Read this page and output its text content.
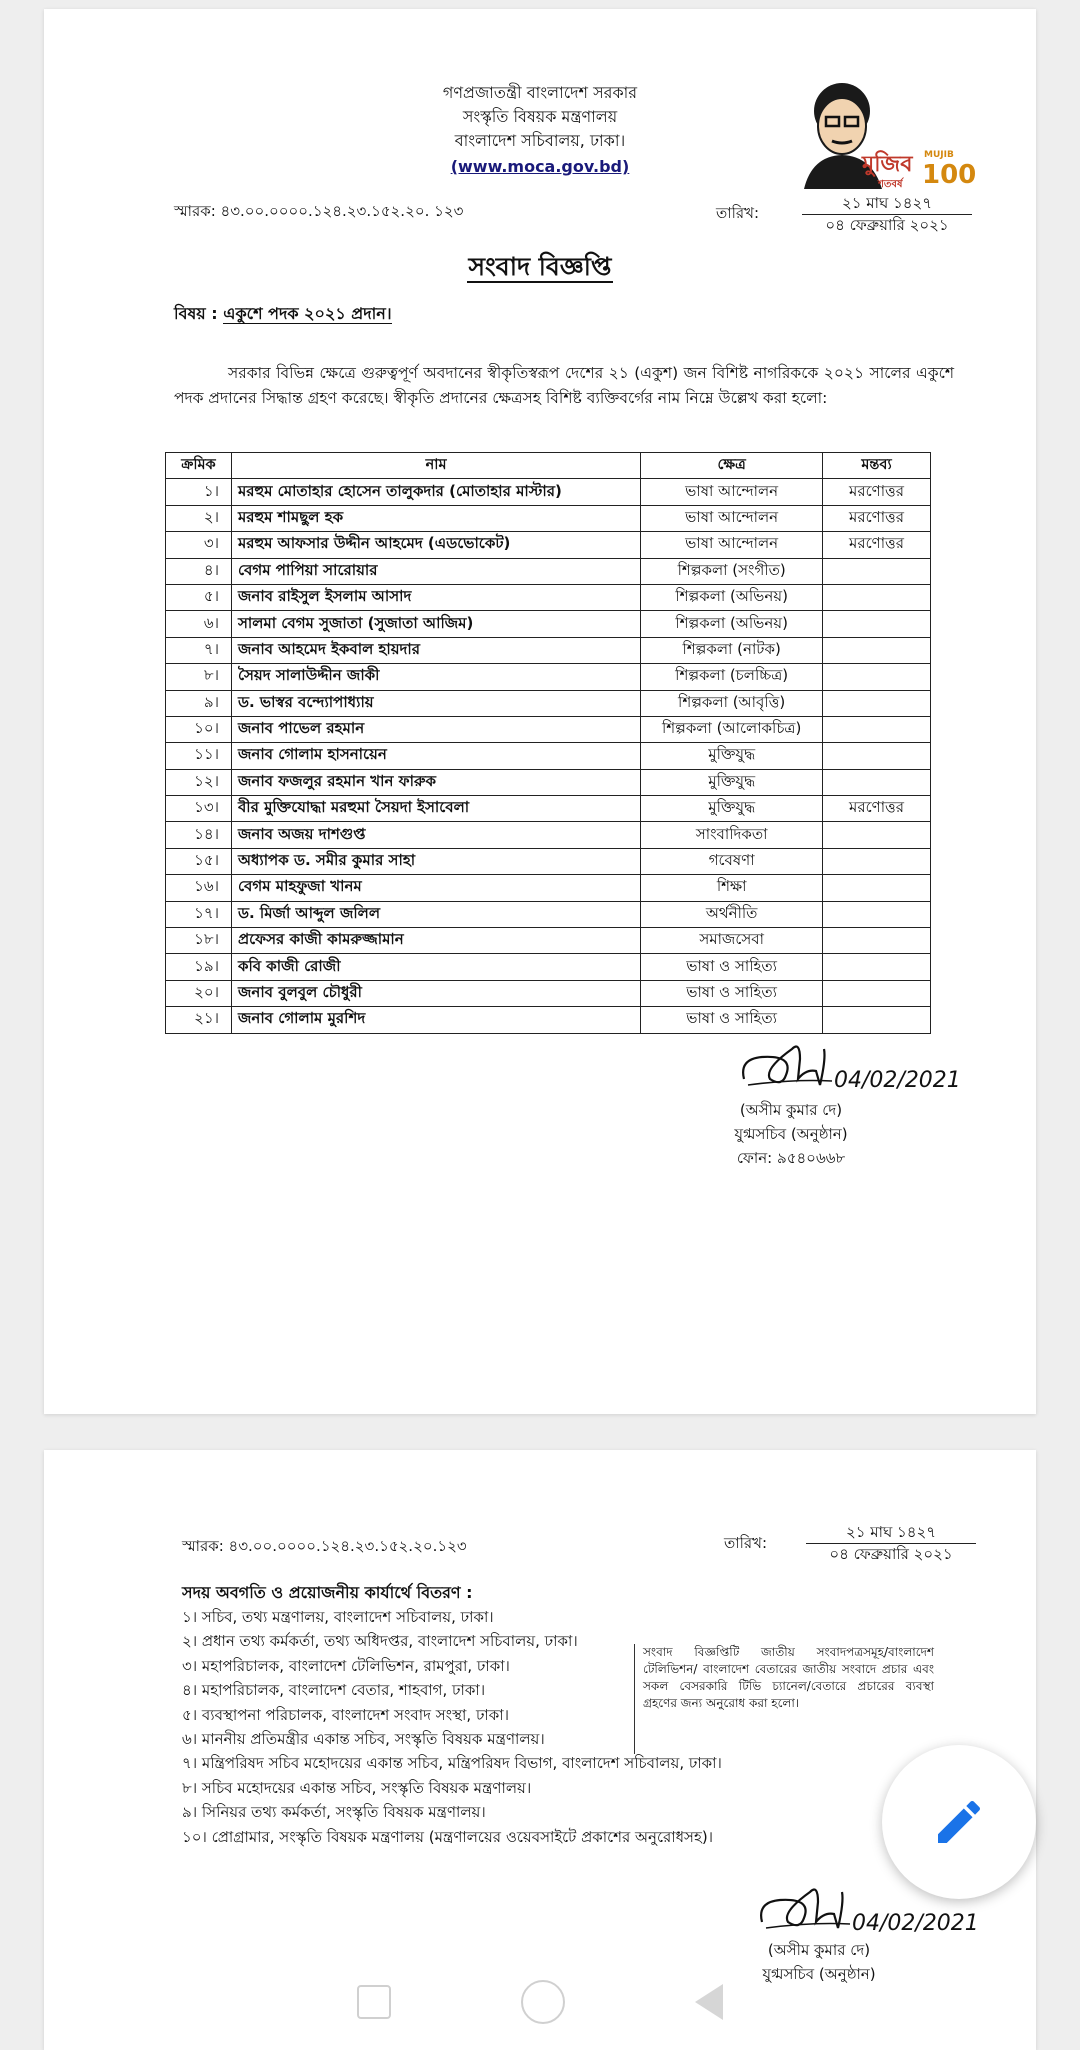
গণপ্রজাতন্ত্রী বাংলাদেশ সরকার
সংস্কৃতি বিষয়ক মন্ত্রণালয়
বাংলাদেশ সচিবালয়, ঢাকা।
(www.moca.gov.bd)	মুজিব
শতবর্ষ
MUJIB
100
স্মারক: ৪৩.০০.০০০০.১২৪.২৩.১৫২.২০. ১২৩	তারিখ:
২১ মাঘ ১৪২৭
০৪ ফেব্রুয়ারি ২০২১
সংবাদ বিজ্ঞপ্তি
বিষয় : একুশে পদক ২০২১ প্রদান।
সরকার বিভিন্ন ক্ষেত্রে গুরুত্বপূর্ণ অবদানের স্বীকৃতিস্বরূপ দেশের ২১ (একুশ) জন বিশিষ্ট নাগরিককে ২০২১ সালের একুশে পদক প্রদানের সিদ্ধান্ত গ্রহণ করেছে। স্বীকৃতি প্রদানের ক্ষেত্রসহ বিশিষ্ট ব্যক্তিবর্গের নাম নিম্নে উল্লেখ করা হলো:
ক্রমিক	নাম	ক্ষেত্র	মন্তব্য
১।	মরহুম মোতাহার হোসেন তালুকদার (মোতাহার মাস্টার)	ভাষা আন্দোলন	মরণোত্তর
২।	মরহুম শামছুল হক	ভাষা আন্দোলন	মরণোত্তর
৩।	মরহুম আফসার উদ্দীন আহমেদ (এডভোকেট)	ভাষা আন্দোলন	মরণোত্তর
৪।	বেগম পাপিয়া সারোয়ার	শিল্পকলা (সংগীত)	
৫।	জনাব রাইসুল ইসলাম আসাদ	শিল্পকলা (অভিনয়)	
৬।	সালমা বেগম সুজাতা (সুজাতা আজিম)	শিল্পকলা (অভিনয়)	
৭।	জনাব আহমেদ ইকবাল হায়দার	শিল্পকলা (নাটক)	
৮।	সৈয়দ সালাউদ্দীন জাকী	শিল্পকলা (চলচ্চিত্র)	
৯।	ড. ভাস্বর বন্দ্যোপাধ্যায়	শিল্পকলা (আবৃত্তি)	
১০।	জনাব পাভেল রহমান	শিল্পকলা (আলোকচিত্র)	
১১।	জনাব গোলাম হাসনায়েন	মুক্তিযুদ্ধ	
১২।	জনাব ফজলুর রহমান খান ফারুক	মুক্তিযুদ্ধ	
১৩।	বীর মুক্তিযোদ্ধা মরহুমা সৈয়দা ইসাবেলা	মুক্তিযুদ্ধ	মরণোত্তর
১৪।	জনাব অজয় দাশগুপ্ত	সাংবাদিকতা	
১৫।	অধ্যাপক ড. সমীর কুমার সাহা	গবেষণা	
১৬।	বেগম মাহফুজা খানম	শিক্ষা	
১৭।	ড. মির্জা আব্দুল জলিল	অর্থনীতি	
১৮।	প্রফেসর কাজী কামরুজ্জামান	সমাজসেবা	
১৯।	কবি কাজী রোজী	ভাষা ও সাহিত্য	
২০।	জনাব বুলবুল চৌধুরী	ভাষা ও সাহিত্য	
২১।	জনাব গোলাম মুরশিদ	ভাষা ও সাহিত্য	
04/02/2021
(অসীম কুমার দে)
যুগ্মসচিব (অনুষ্ঠান)
ফোন: ৯৫৪০৬৬৮
স্মারক: ৪৩.০০.০০০০.১২৪.২৩.১৫২.২০.১২৩	তারিখ:
২১ মাঘ ১৪২৭
০৪ ফেব্রুয়ারি ২০২১
সদয় অবগতি ও প্রয়োজনীয় কার্যার্থে বিতরণ :
১। সচিব, তথ্য মন্ত্রণালয়, বাংলাদেশ সচিবালয়, ঢাকা।
২। প্রধান তথ্য কর্মকর্তা, তথ্য অধিদপ্তর, বাংলাদেশ সচিবালয়, ঢাকা।
৩। মহাপরিচালক, বাংলাদেশ টেলিভিশন, রামপুরা, ঢাকা।
৪। মহাপরিচালক, বাংলাদেশ বেতার, শাহবাগ, ঢাকা।
৫। ব্যবস্থাপনা পরিচালক, বাংলাদেশ সংবাদ সংস্থা, ঢাকা।
৬। মাননীয় প্রতিমন্ত্রীর একান্ত সচিব, সংস্কৃতি বিষয়ক মন্ত্রণালয়।
৭। মন্ত্রিপরিষদ সচিব মহোদয়ের একান্ত সচিব, মন্ত্রিপরিষদ বিভাগ, বাংলাদেশ সচিবালয়, ঢাকা।
৮। সচিব মহোদয়ের একান্ত সচিব, সংস্কৃতি বিষয়ক মন্ত্রণালয়।
৯। সিনিয়র তথ্য কর্মকর্তা, সংস্কৃতি বিষয়ক মন্ত্রণালয়।
১০। প্রোগ্রামার, সংস্কৃতি বিষয়ক মন্ত্রণালয় (মন্ত্রণালয়ের ওয়েবসাইটে প্রকাশের অনুরোধসহ)।
সংবাদ বিজ্ঞপ্তিটি জাতীয় সংবাদপত্রসমূহ/বাংলাদেশ টেলিভিশন/ বাংলাদেশ বেতারের জাতীয় সংবাদে প্রচার এবং সকল বেসরকারি টিভি চ্যানেল/বেতারে প্রচারের ব্যবস্থা গ্রহণের জন্য অনুরোধ করা হলো।
04/02/2021
(অসীম কুমার দে)
যুগ্মসচিব (অনুষ্ঠান)
